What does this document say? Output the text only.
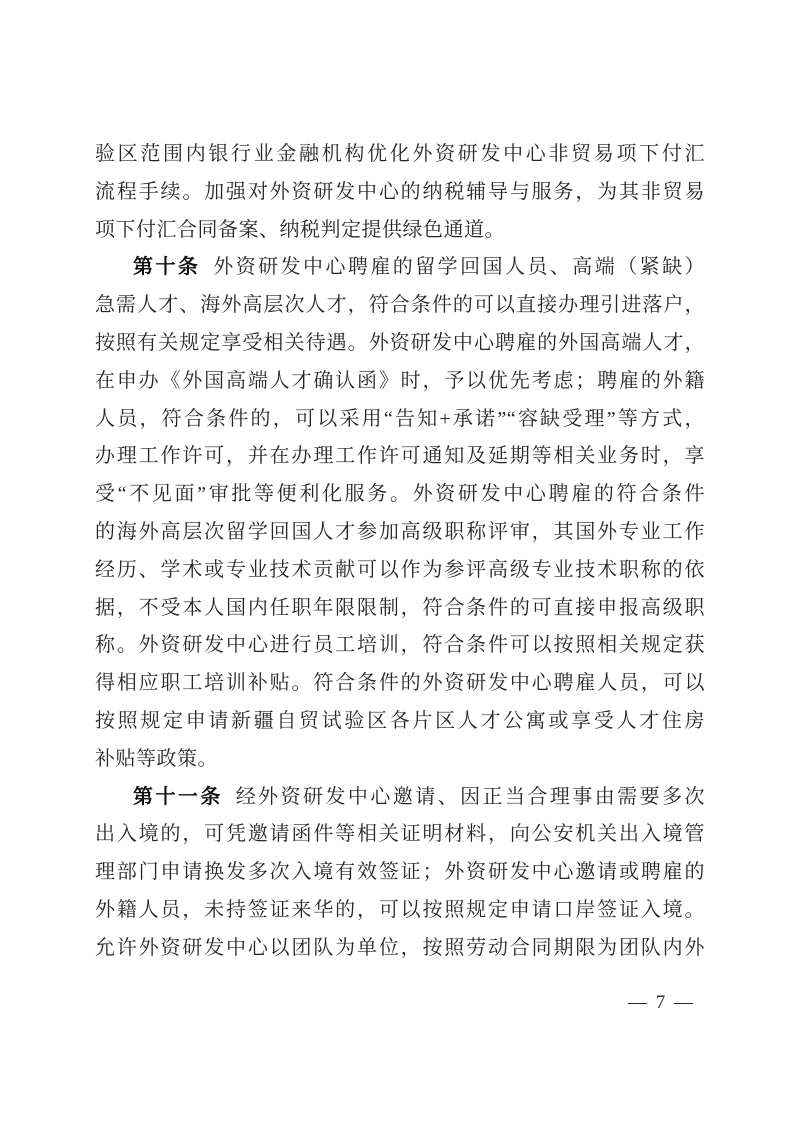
验区范围内银行业金融机构优化外资研发中心非贸易项下付汇
流程手续。加强对外资研发中心的纳税辅导与服务，为其非贸易
项下付汇合同备案、纳税判定提供绿色通道。
第十条 外资研发中心聘雇的留学回国人员、高端（紧缺）
急需人才、海外高层次人才，符合条件的可以直接办理引进落户，
按照有关规定享受相关待遇。外资研发中心聘雇的外国高端人才，
在申办《外国高端人才确认函》时，予以优先考虑；聘雇的外籍
人员，符合条件的，可以采用“告知+承诺”“容缺受理”等方式，
办理工作许可，并在办理工作许可通知及延期等相关业务时，享
受“不见面”审批等便利化服务。外资研发中心聘雇的符合条件
的海外高层次留学回国人才参加高级职称评审，其国外专业工作
经历、学术或专业技术贡献可以作为参评高级专业技术职称的依
据，不受本人国内任职年限限制，符合条件的可直接申报高级职
称。外资研发中心进行员工培训，符合条件可以按照相关规定获
得相应职工培训补贴。符合条件的外资研发中心聘雇人员，可以
按照规定申请新疆自贸试验区各片区人才公寓或享受人才住房
补贴等政策。
第十一条 经外资研发中心邀请、因正当合理事由需要多次
出入境的，可凭邀请函件等相关证明材料，向公安机关出入境管
理部门申请换发多次入境有效签证；外资研发中心邀请或聘雇的
外籍人员，未持签证来华的，可以按照规定申请口岸签证入境。
允许外资研发中心以团队为单位，按照劳动合同期限为团队内外
— 7 —
